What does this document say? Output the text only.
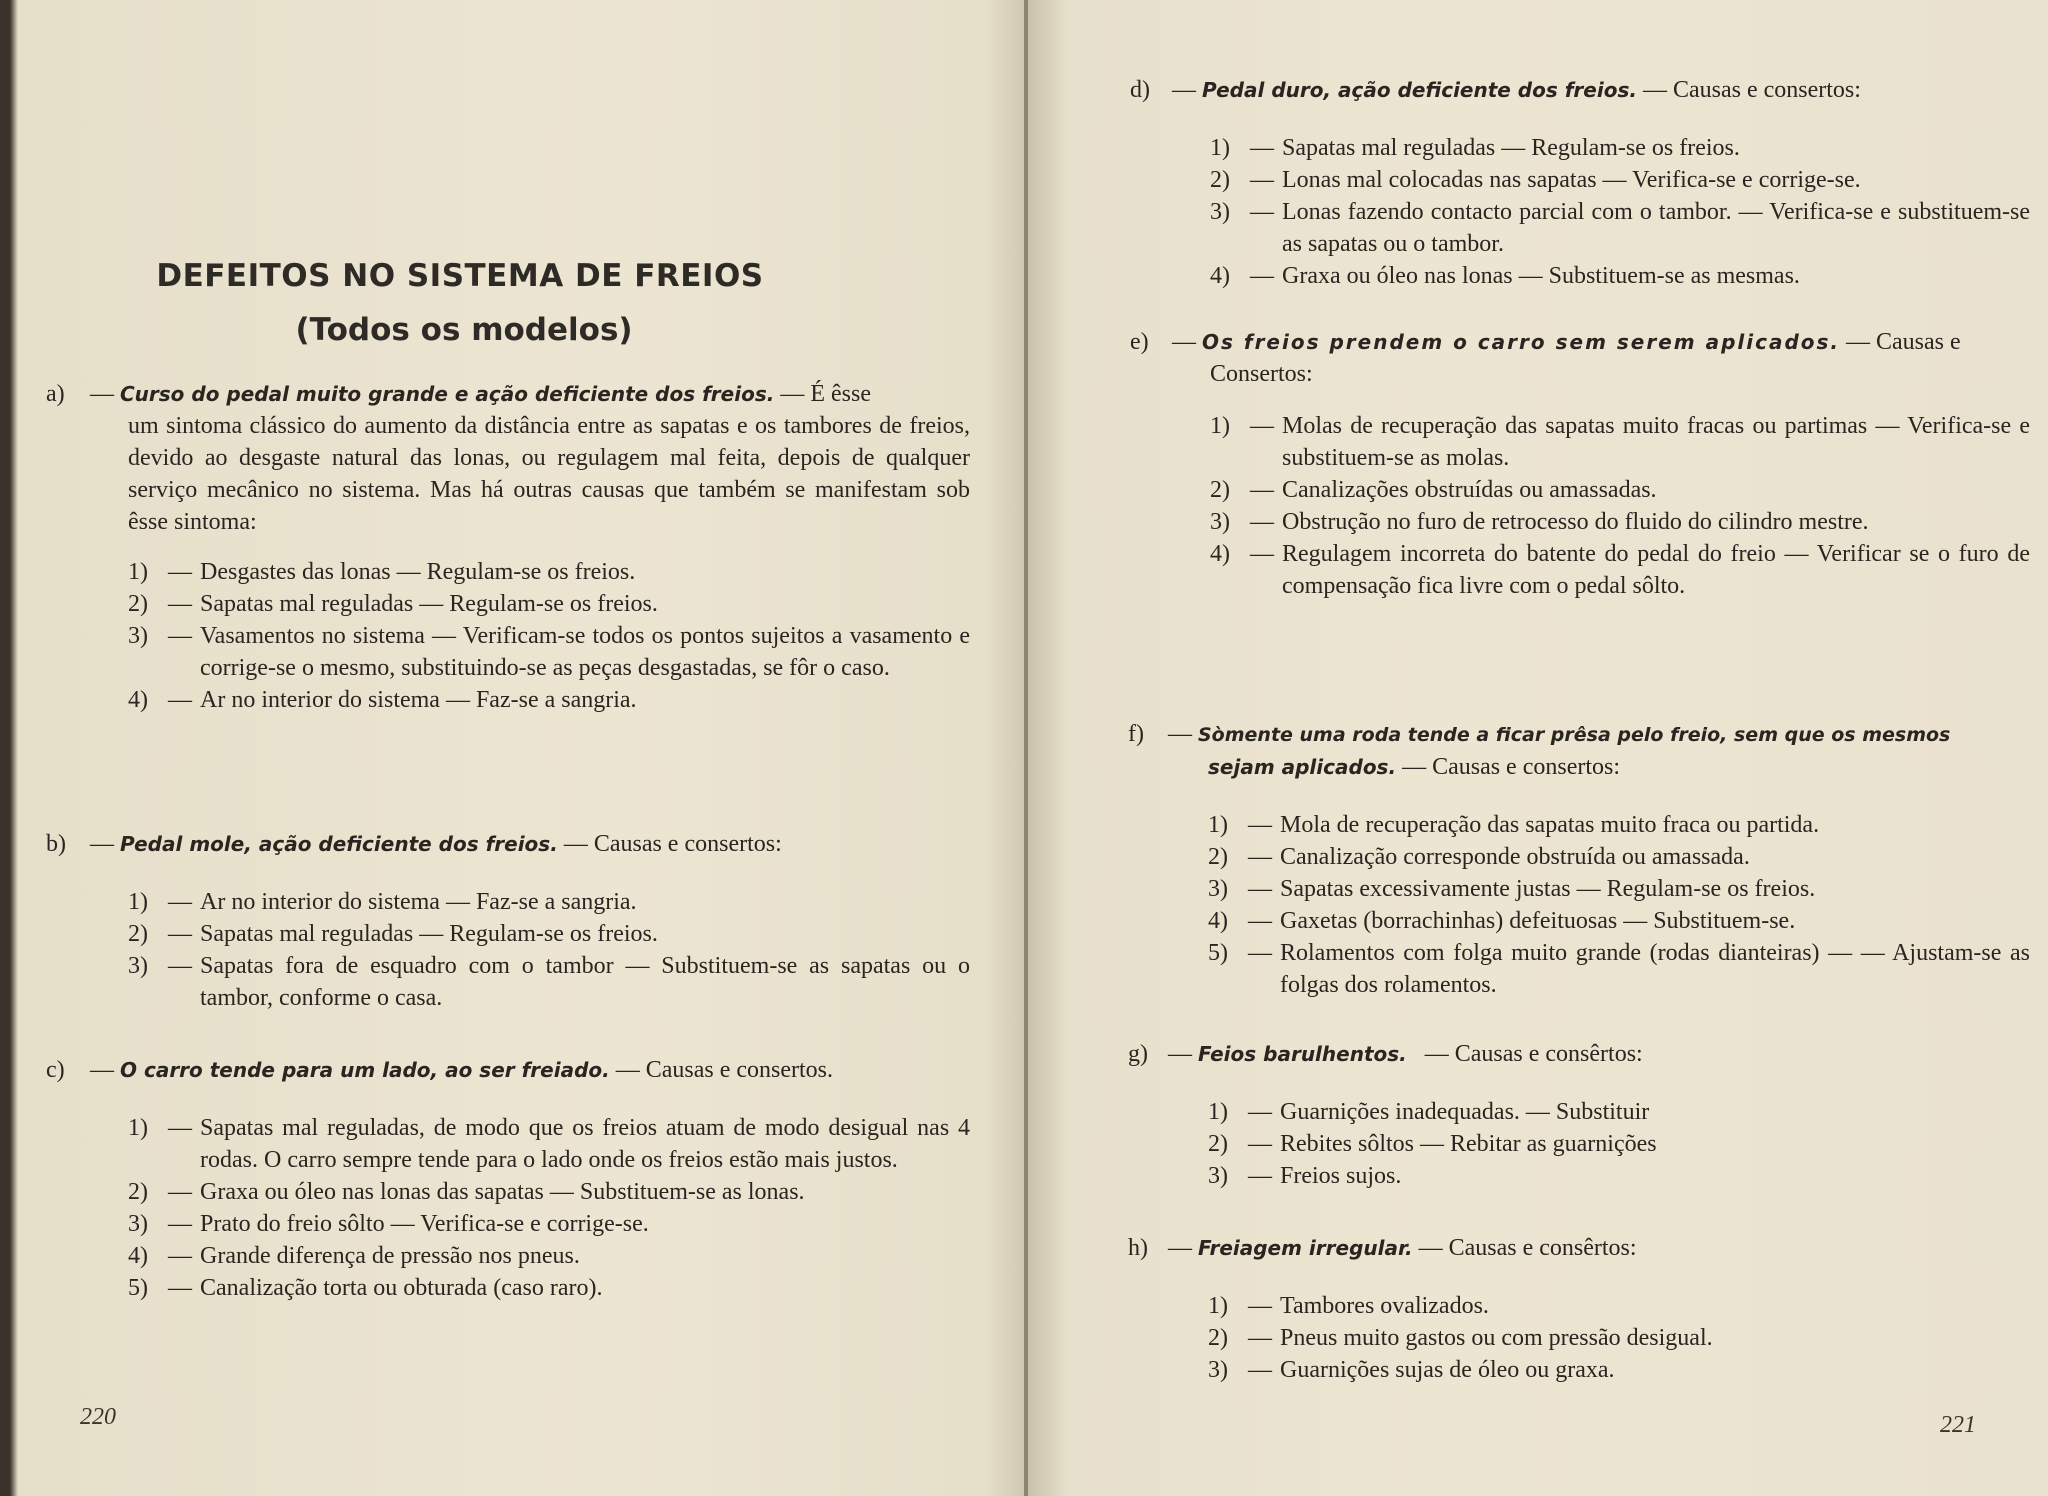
DEFEITOS NO SISTEMA DE FREIOS
(Todos os modelos)
a) — Curso do pedal muito grande e ação deficiente dos freios. — É êsse
um sintoma clássico do aumento da distância entre as sapatas e os tambores de freios, devido ao desgaste natural das lonas, ou regulagem mal feita, depois de qualquer serviço mecânico no sistema. Mas há outras causas que também se manifestam sob êsse sintoma:
1) — Desgastes das lonas — Regulam-se os freios.
2) — Sapatas mal reguladas — Regulam-se os freios.
3) — Vasamentos no sistema — Verificam-se todos os pontos sujeitos a vasamento e corrige-se o mesmo, substituindo-se as peças desgastadas, se fôr o caso.
4) — Ar no interior do sistema — Faz-se a sangria.
b) — Pedal mole, ação deficiente dos freios. — Causas e consertos:
1) — Ar no interior do sistema — Faz-se a sangria.
2) — Sapatas mal reguladas — Regulam-se os freios.
3) — Sapatas fora de esquadro com o tambor — Substituem-se as sapatas ou o tambor, conforme o casa.
c) — O carro tende para um lado, ao ser freiado. — Causas e consertos.
1) — Sapatas mal reguladas, de modo que os freios atuam de modo desigual nas 4 rodas. O carro sempre tende para o lado onde os freios estão mais justos.
2) — Graxa ou óleo nas lonas das sapatas — Substituem-se as lonas.
3) — Prato do freio sôlto — Verifica-se e corrige-se.
4) — Grande diferença de pressão nos pneus.
5) — Canalização torta ou obturada (caso raro).
220
d) — Pedal duro, ação deficiente dos freios. — Causas e consertos:
1) — Sapatas mal reguladas — Regulam-se os freios.
2) — Lonas mal colocadas nas sapatas — Verifica-se e corrige-se.
3) — Lonas fazendo contacto parcial com o tambor. — Verifica-se e substituem-se as sapatas ou o tambor.
4) — Graxa ou óleo nas lonas — Substituem-se as mesmas.
e) — Os freios prendem o carro sem serem aplicados. — Causas e
Consertos:
1) — Molas de recuperação das sapatas muito fracas ou partimas — Verifica-se e substituem-se as molas.
2) — Canalizações obstruídas ou amassadas.
3) — Obstrução no furo de retrocesso do fluido do cilindro mestre.
4) — Regulagem incorreta do batente do pedal do freio — Verificar se o furo de compensação fica livre com o pedal sôlto.
f) — Sòmente uma roda tende a ficar prêsa pelo freio, sem que os mesmos
sejam aplicados. — Causas e consertos:
1) — Mola de recuperação das sapatas muito fraca ou partida.
2) — Canalização corresponde obstruída ou amassada.
3) — Sapatas excessivamente justas — Regulam-se os freios.
4) — Gaxetas (borrachinhas) defeituosas — Substituem-se.
5) — Rolamentos com folga muito grande (rodas dianteiras) — — Ajustam-se as folgas dos rolamentos.
g) — Feios barulhentos. — Causas e consêrtos:
1) — Guarnições inadequadas. — Substituir
2) — Rebites sôltos — Rebitar as guarnições
3) — Freios sujos.
h) — Freiagem irregular. — Causas e consêrtos:
1) — Tambores ovalizados.
2) — Pneus muito gastos ou com pressão desigual.
3) — Guarnições sujas de óleo ou graxa.
221
